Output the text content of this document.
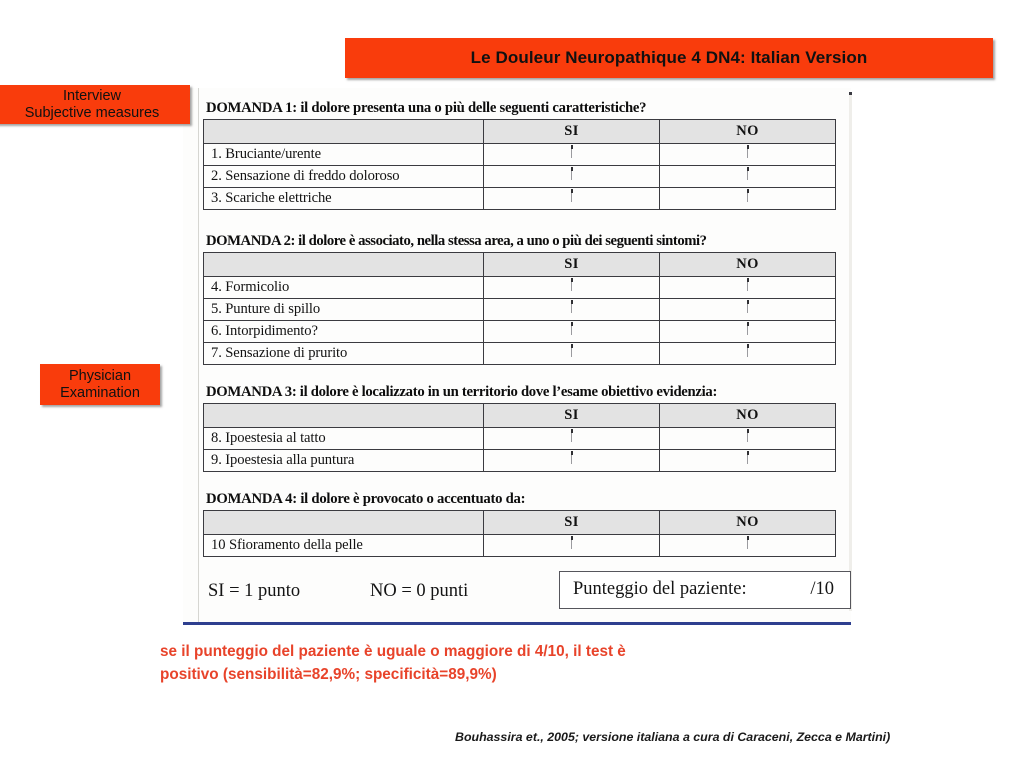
Le Douleur Neuropathique 4 DN4: Italian Version
DOMANDA 1: il dolore presenta una o più delle seguenti caratteristiche?
	SI	NO
1. Bruciante/urente		
2. Sensazione di freddo doloroso		
3. Scariche elettriche		
DOMANDA 2: il dolore è associato, nella stessa area, a uno o più dei seguenti sintomi?
	SI	NO
4. Formicolio		
5. Punture di spillo		
6. Intorpidimento?		
7. Sensazione di prurito		
DOMANDA 3: il dolore è localizzato in un territorio dove l’esame obiettivo evidenzia:
	SI	NO
8. Ipoestesia al tatto		
9. Ipoestesia alla puntura		
DOMANDA 4: il dolore è provocato o accentuato da:
	SI	NO
10 Sfioramento della pelle		
SI = 1 punto	NO = 0 punti	Punteggio del paziente:	/10
Interview
Subjective measures
Physician
Examination
se il punteggio del paziente è uguale o maggiore di 4/10, il test è
positivo (sensibilità=82,9%; specificità=89,9%)
Bouhassira et., 2005; versione italiana a cura di Caraceni, Zecca e Martini)
